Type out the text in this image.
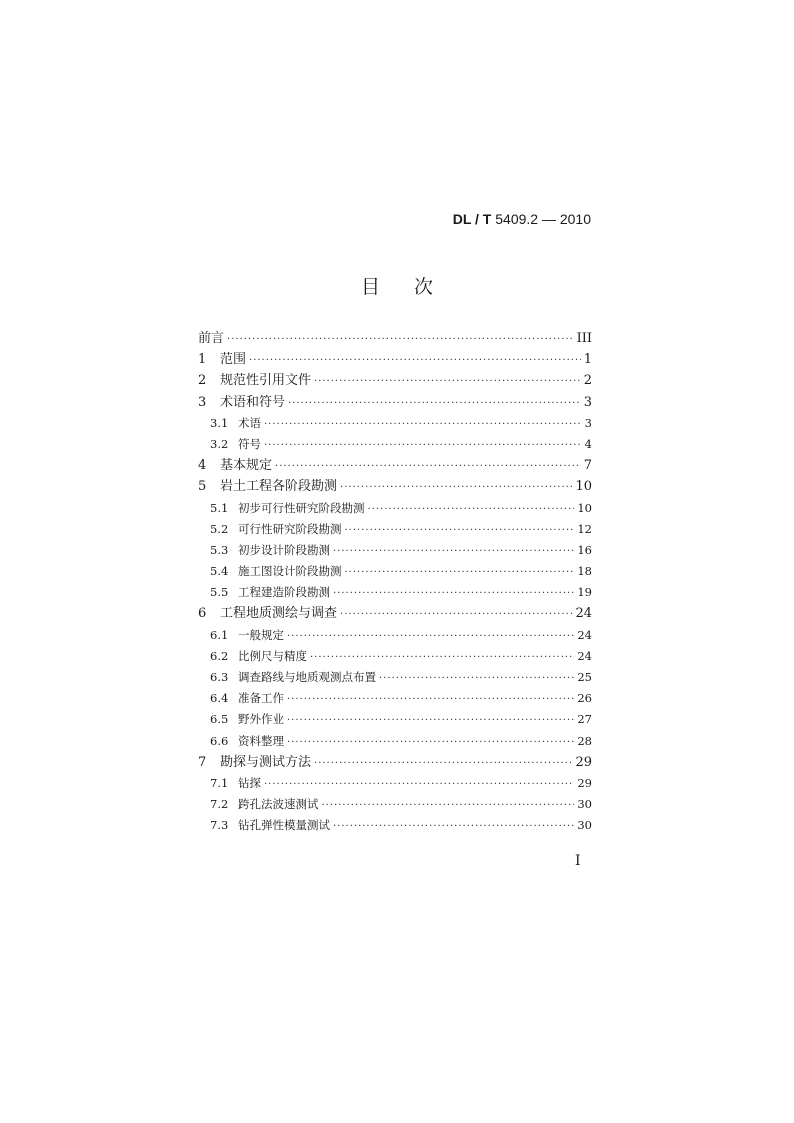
DL / T 5409.2 — 2010
目 次
前言 ·····	III
1	范围 ·····	1
2	规范性引用文件 ·····	2
3	术语和符号 ·····	3
3.1 术语 ·····	3
3.2 符号 ·····	4
4	基本规定 ·····	7
5	岩土工程各阶段勘测 ·····	10
5.1 初步可行性研究阶段勘测 ·····	10
5.2 可行性研究阶段勘测 ·····	12
5.3 初步设计阶段勘测 ·····	16
5.4 施工图设计阶段勘测 ·····	18
5.5 工程建造阶段勘测 ·····	19
6	工程地质测绘与调查 ·····	24
6.1 一般规定 ·····	24
6.2 比例尺与精度 ·····	24
6.3 调查路线与地质观测点布置 ·····	25
6.4 准备工作 ·····	26
6.5 野外作业 ·····	27
6.6 资料整理 ·····	28
7	勘探与测试方法 ·····	29
7.1 钻探 ·····	29
7.2 跨孔法波速测试 ·····	30
7.3 钻孔弹性模量测试 ·····	30
I
